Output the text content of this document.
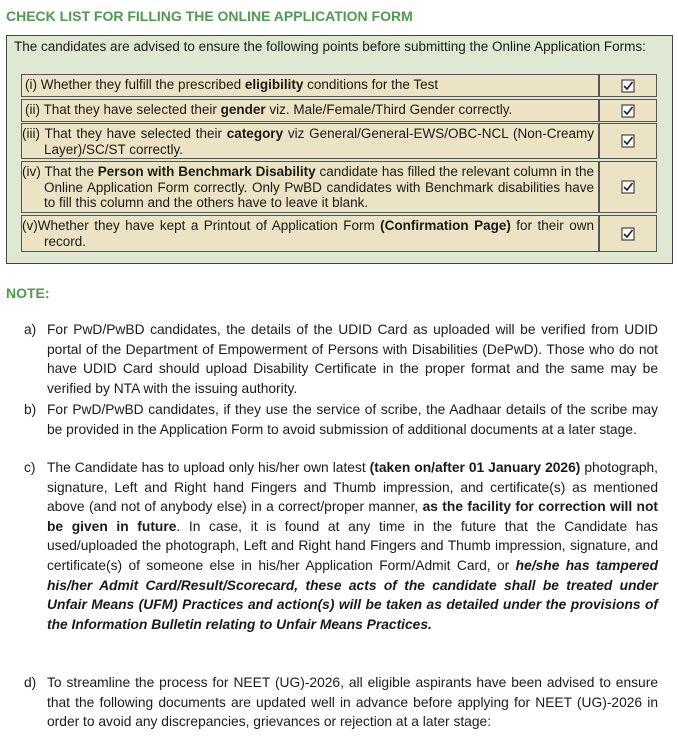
CHECK LIST FOR FILLING THE ONLINE APPLICATION FORM
The candidates are advised to ensure the following points before submitting the Online Application Forms:
(i) Whether they fulfill the prescribed eligibility conditions for the Test
(ii) That they have selected their gender viz. Male/Female/Third Gender correctly.
(iii) That they have selected their category viz General/General-EWS/OBC-NCL (Non-Creamy Layer)/SC/ST correctly.
(iv) That the Person with Benchmark Disability candidate has filled the relevant column in the Online Application Form correctly. Only PwBD candidates with Benchmark disabilities have to fill this column and the others have to leave it blank.
(v)Whether they have kept a Printout of Application Form (Confirmation Page) for their own record.
NOTE:
a) For PwD/PwBD candidates, the details of the UDID Card as uploaded will be verified from UDID portal of the Department of Empowerment of Persons with Disabilities (DePwD). Those who do not have UDID Card should upload Disability Certificate in the proper format and the same may be verified by NTA with the issuing authority.
b) For PwD/PwBD candidates, if they use the service of scribe, the Aadhaar details of the scribe may be provided in the Application Form to avoid submission of additional documents at a later stage.
c) The Candidate has to upload only his/her own latest (taken on/after 01 January 2026) photograph, signature, Left and Right hand Fingers and Thumb impression, and certificate(s) as mentioned above (and not of anybody else) in a correct/proper manner, as the facility for correction will not be given in future. In case, it is found at any time in the future that the Candidate has used/uploaded the photograph, Left and Right hand Fingers and Thumb impression, signature, and certificate(s) of someone else in his/her Application Form/Admit Card, or he/she has tampered his/her Admit Card/Result/Scorecard, these acts of the candidate shall be treated under Unfair Means (UFM) Practices and action(s) will be taken as detailed under the provisions of the Information Bulletin relating to Unfair Means Practices.
d) To streamline the process for NEET (UG)-2026, all eligible aspirants have been advised to ensure that the following documents are updated well in advance before applying for NEET (UG)-2026 in order to avoid any discrepancies, grievances or rejection at a later stage:
